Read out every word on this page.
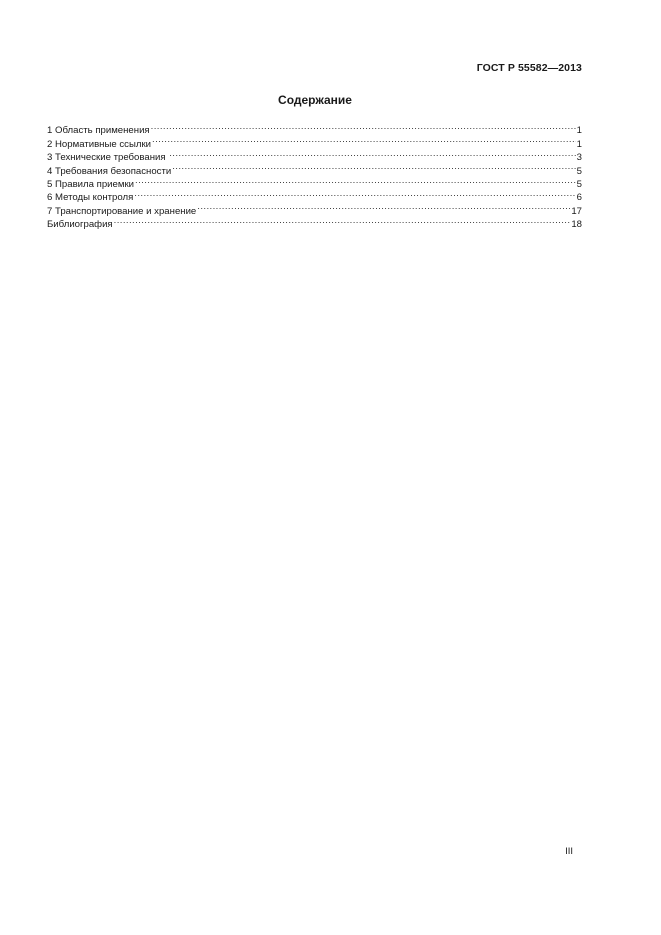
ГОСТ Р 55582—2013
Содержание
1 Область применения .....	1
2 Нормативные ссылки .....	1
3 Технические требования .....	3
4 Требования безопасности .....	5
5 Правила приемки .....	5
6 Методы контроля .....	6
7 Транспортирование и хранение .....	17
Библиография .....	18
III
